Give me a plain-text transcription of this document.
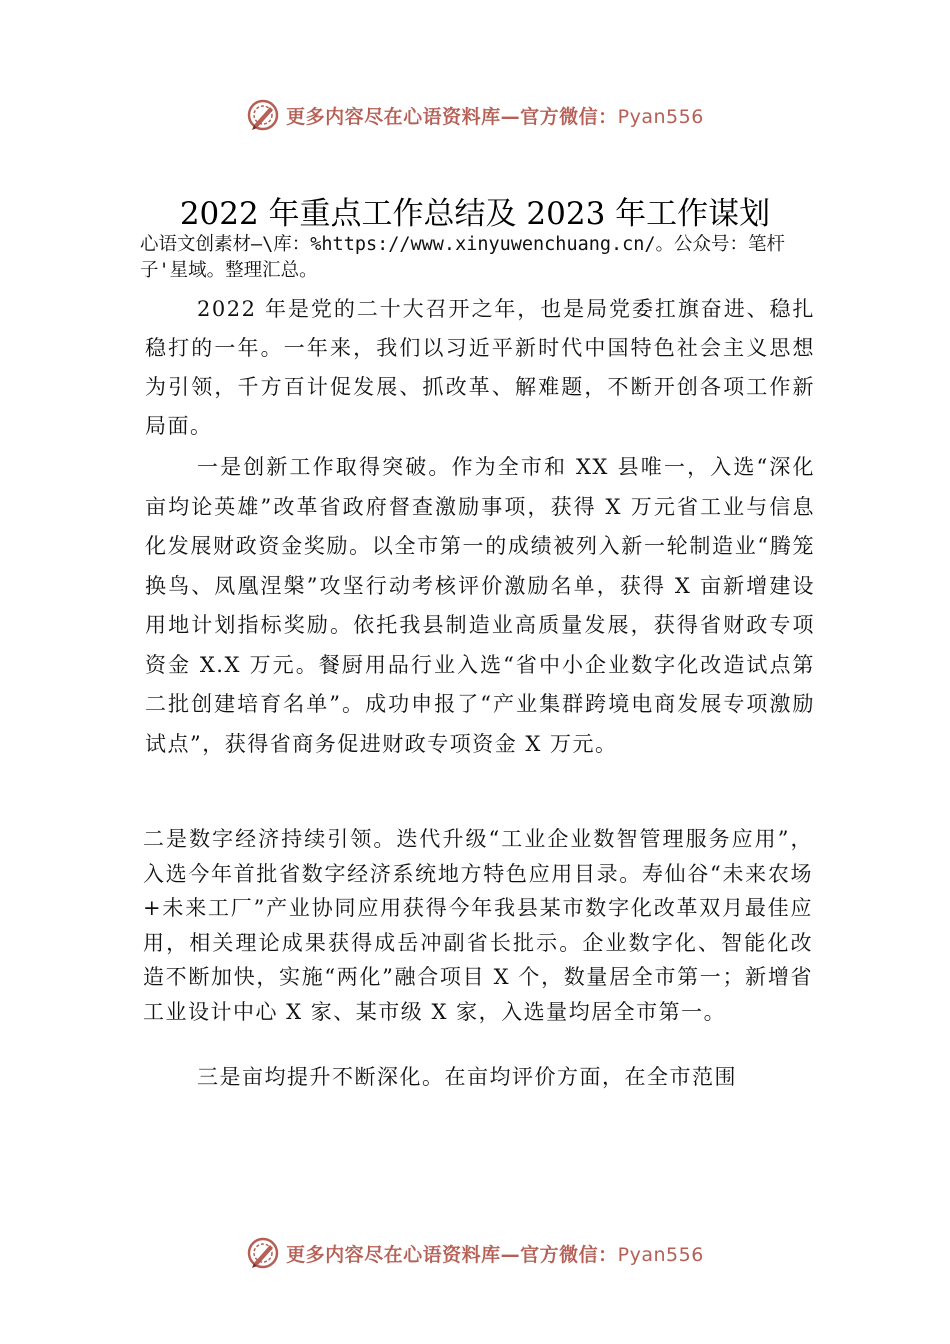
更多内容尽在心语资料库—官方微信：Pyan556
2022 年重点工作总结及 2023 年工作谋划
心语文创素材—\库：%https://www.xinyuwenchuang.cn/。公众号：笔杆子'星域。整理汇总。

2022 年是党的二十大召开之年，也是局党委扛旗奋进、稳扎稳打的一年。一年来，我们以习近平新时代中国特色社会主义思想为引领，千方百计促发展、抓改革、解难题，不断开创各项工作新局面。

一是创新工作取得突破。作为全市和 XX 县唯一，入选“深化亩均论英雄”改革省政府督查激励事项，获得 X 万元省工业与信息化发展财政资金奖励。以全市第一的成绩被列入新一轮制造业“腾笼换鸟、凤凰涅槃”攻坚行动考核评价激励名单，获得 X 亩新增建设用地计划指标奖励。依托我县制造业高质量发展，获得省财政专项资金 X.X 万元。餐厨用品行业入选“省中小企业数字化改造试点第二批创建培育名单”。成功申报了“产业集群跨境电商发展专项激励试点”，获得省商务促进财政专项资金 X 万元。

二是数字经济持续引领。迭代升级“工业企业数智管理服务应用”，入选今年首批省数字经济系统地方特色应用目录。寿仙谷“未来农场+未来工厂”产业协同应用获得今年我县某市数字化改革双月最佳应用，相关理论成果获得成岳冲副省长批示。企业数字化、智能化改造不断加快，实施“两化”融合项目 X 个，数量居全市第一；新增省工业设计中心 X 家、某市级 X 家，入选量均居全市第一。

三是亩均提升不断深化。在亩均评价方面，在全市范围

更多内容尽在心语资料库—官方微信：Pyan556
